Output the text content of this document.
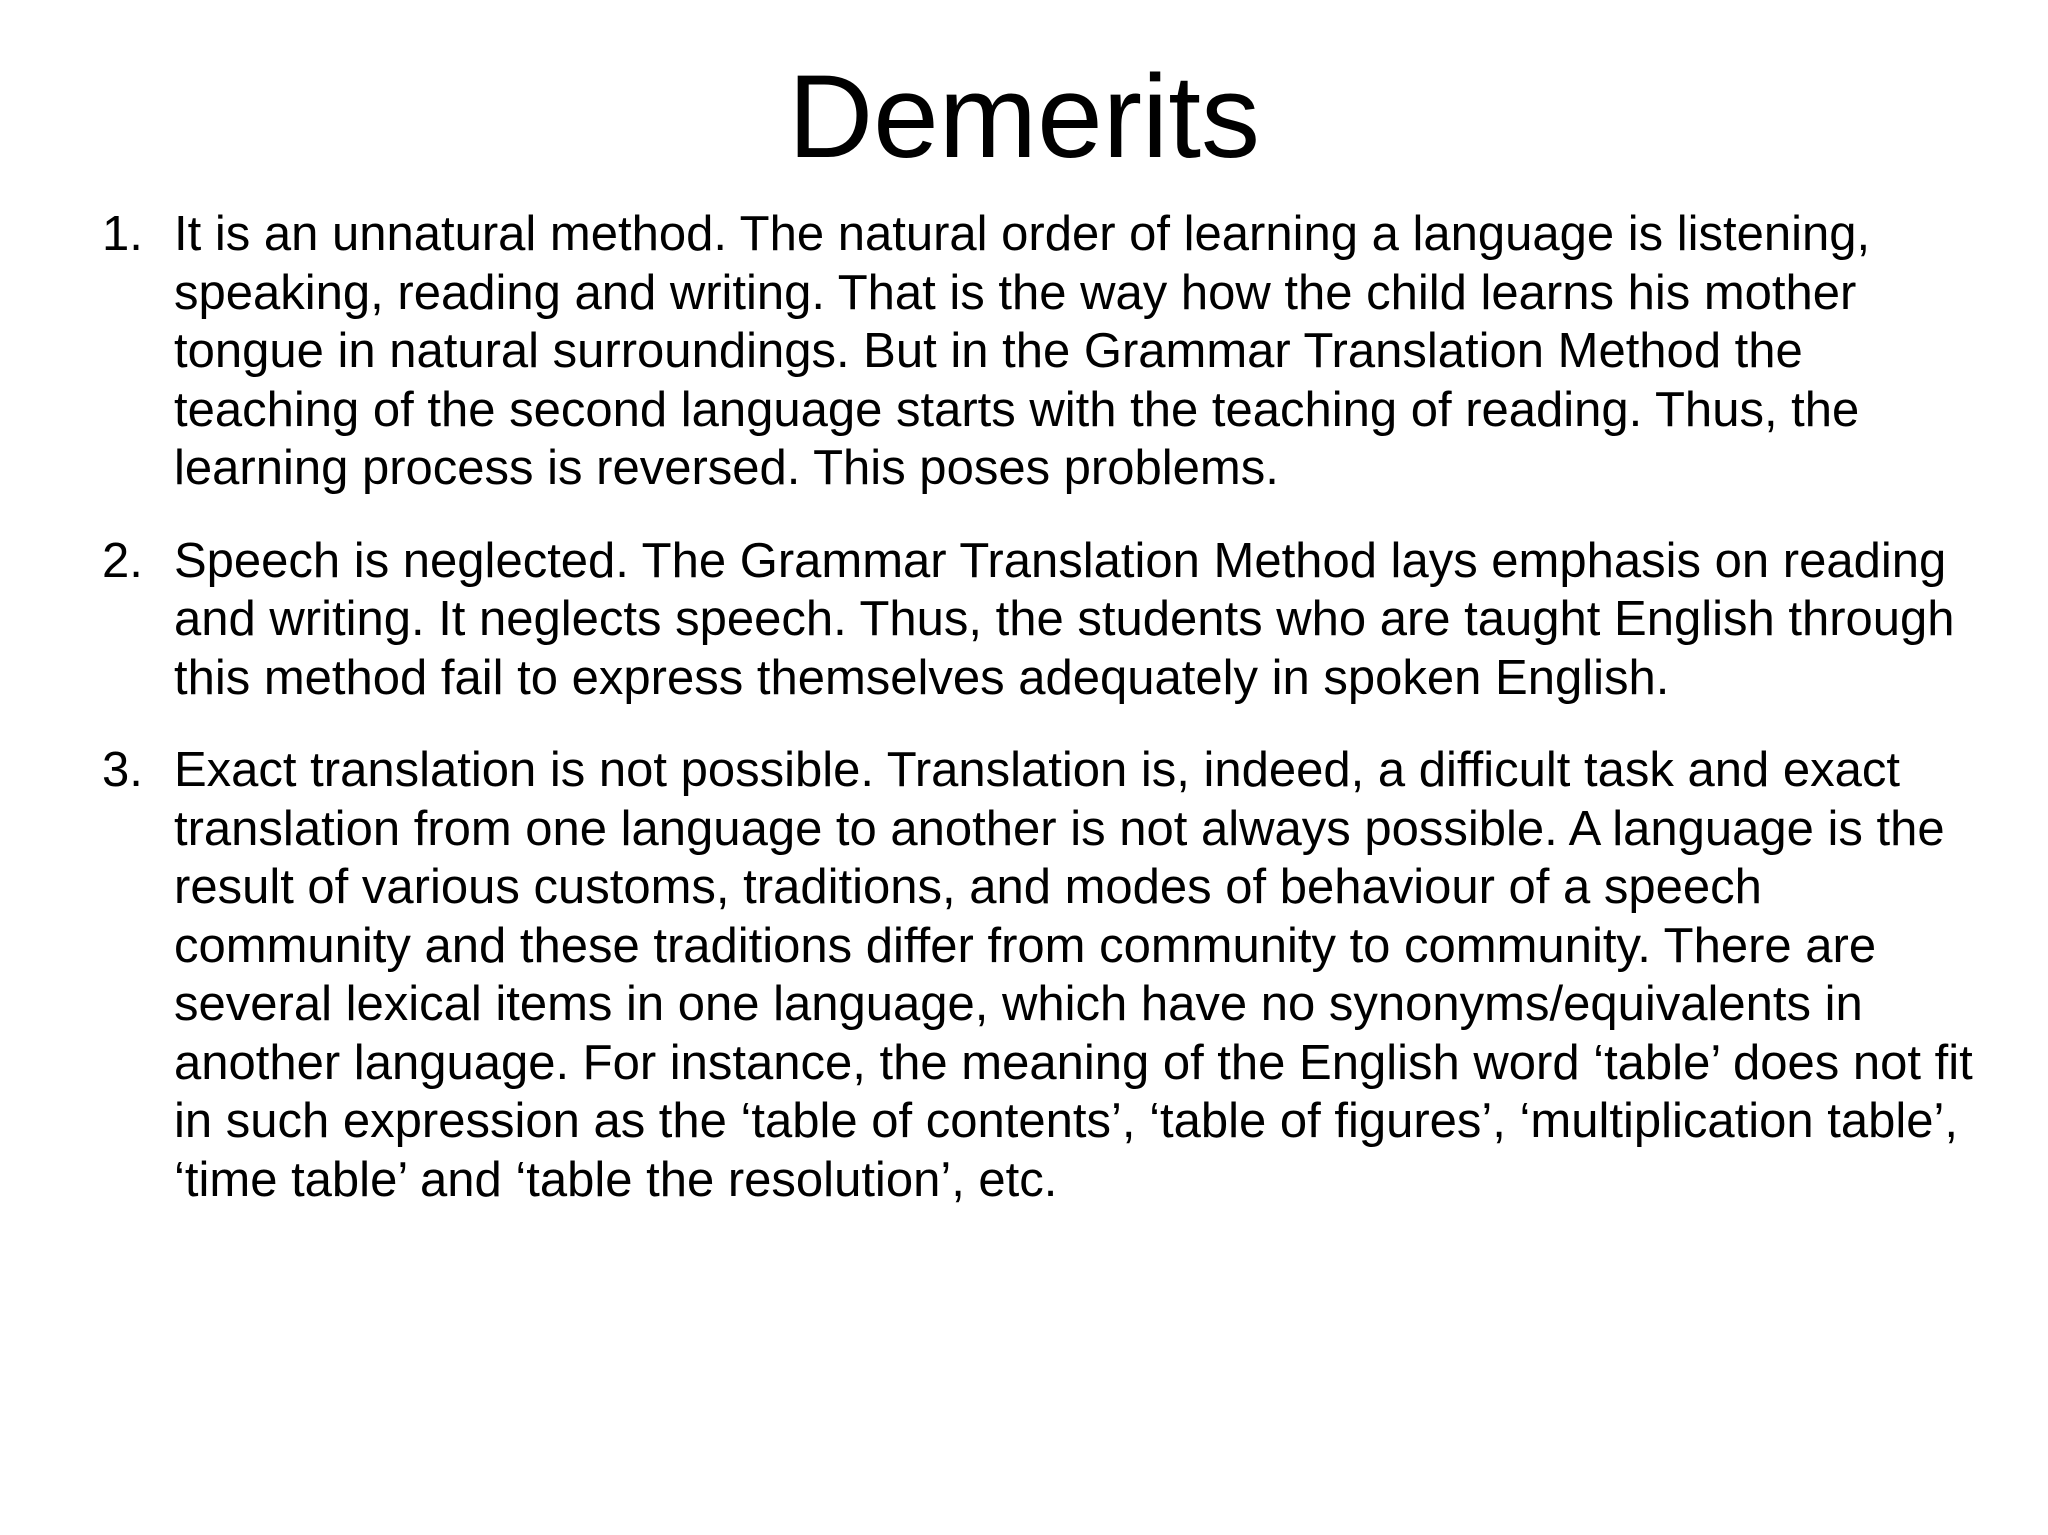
Demerits
1. It is an unnatural method. The natural order of learning a language is listening, speaking, reading and writing. That is the way how the child learns his mother tongue in natural surroundings. But in the Grammar Translation Method the teaching of the second language starts with the teaching of reading. Thus, the learning process is reversed. This poses problems.
2. Speech is neglected. The Grammar Translation Method lays emphasis on reading and writing. It neglects speech. Thus, the students who are taught English through this method fail to express themselves adequately in spoken English.
3. Exact translation is not possible. Translation is, indeed, a difficult task and exact translation from one language to another is not always possible. A language is the result of various customs, traditions, and modes of behaviour of a speech community and these traditions differ from community to community. There are several lexical items in one language, which have no synonyms/equivalents in another language. For instance, the meaning of the English word ‘table’ does not fit in such expression as the ‘table of contents’, ‘table of figures’, ‘multiplication table’, ‘time table’ and ‘table the resolution’, etc.
